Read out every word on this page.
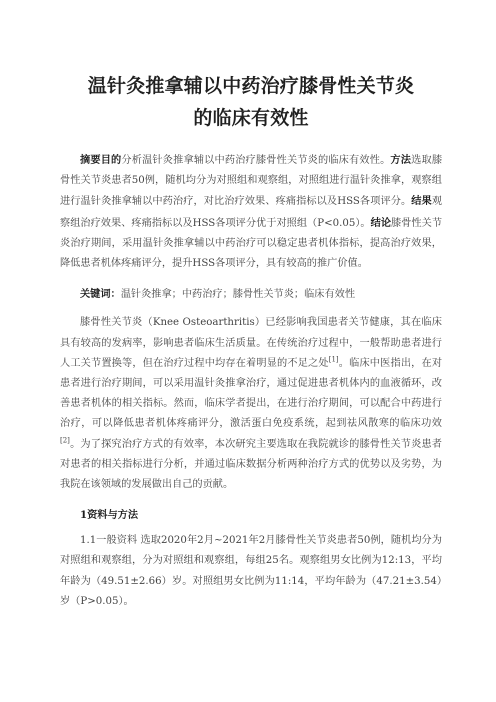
温针灸推拿辅以中药治疗膝骨性关节炎
的临床有效性

摘要目的分析温针灸推拿辅以中药治疗膝骨性关节炎的临床有效性。方法选取膝骨性关节炎患者50例，随机均分为对照组和观察组，对照组进行温针灸推拿，观察组进行温针灸推拿辅以中药治疗，对比治疗效果、疼痛指标以及HSS各项评分。结果观察组治疗效果、疼痛指标以及HSS各项评分优于对照组（P<0.05）。结论膝骨性关节炎治疗期间，采用温针灸推拿辅以中药治疗可以稳定患者机体指标，提高治疗效果，降低患者机体疼痛评分，提升HSS各项评分，具有较高的推广价值。

关键词：温针灸推拿；中药治疗；膝骨性关节炎；临床有效性

膝骨性关节炎（Knee Osteoarthritis）已经影响我国患者关节健康，其在临床具有较高的发病率，影响患者临床生活质量。在传统治疗过程中，一般帮助患者进行人工关节置换等，但在治疗过程中均存在着明显的不足之处[1]。临床中医指出，在对患者进行治疗期间，可以采用温针灸推拿治疗，通过促进患者机体内的血液循环，改善患者机体的相关指标。然而，临床学者提出，在进行治疗期间，可以配合中药进行治疗，可以降低患者机体疼痛评分，激活蛋白免疫系统，起到祛风散寒的临床功效[2]。为了探究治疗方式的有效率，本次研究主要选取在我院就诊的膝骨性关节炎患者对患者的相关指标进行分析，并通过临床数据分析两种治疗方式的优势以及劣势，为我院在该领域的发展做出自己的贡献。

1资料与方法

1.1一般资料 选取2020年2月~2021年2月膝骨性关节炎患者50例，随机均分为对照组和观察组，分为对照组和观察组，每组25名。观察组男女比例为12:13，平均年龄为（49.51±2.66）岁。对照组男女比例为11:14，平均年龄为（47.21±3.54）岁（P>0.05）。
